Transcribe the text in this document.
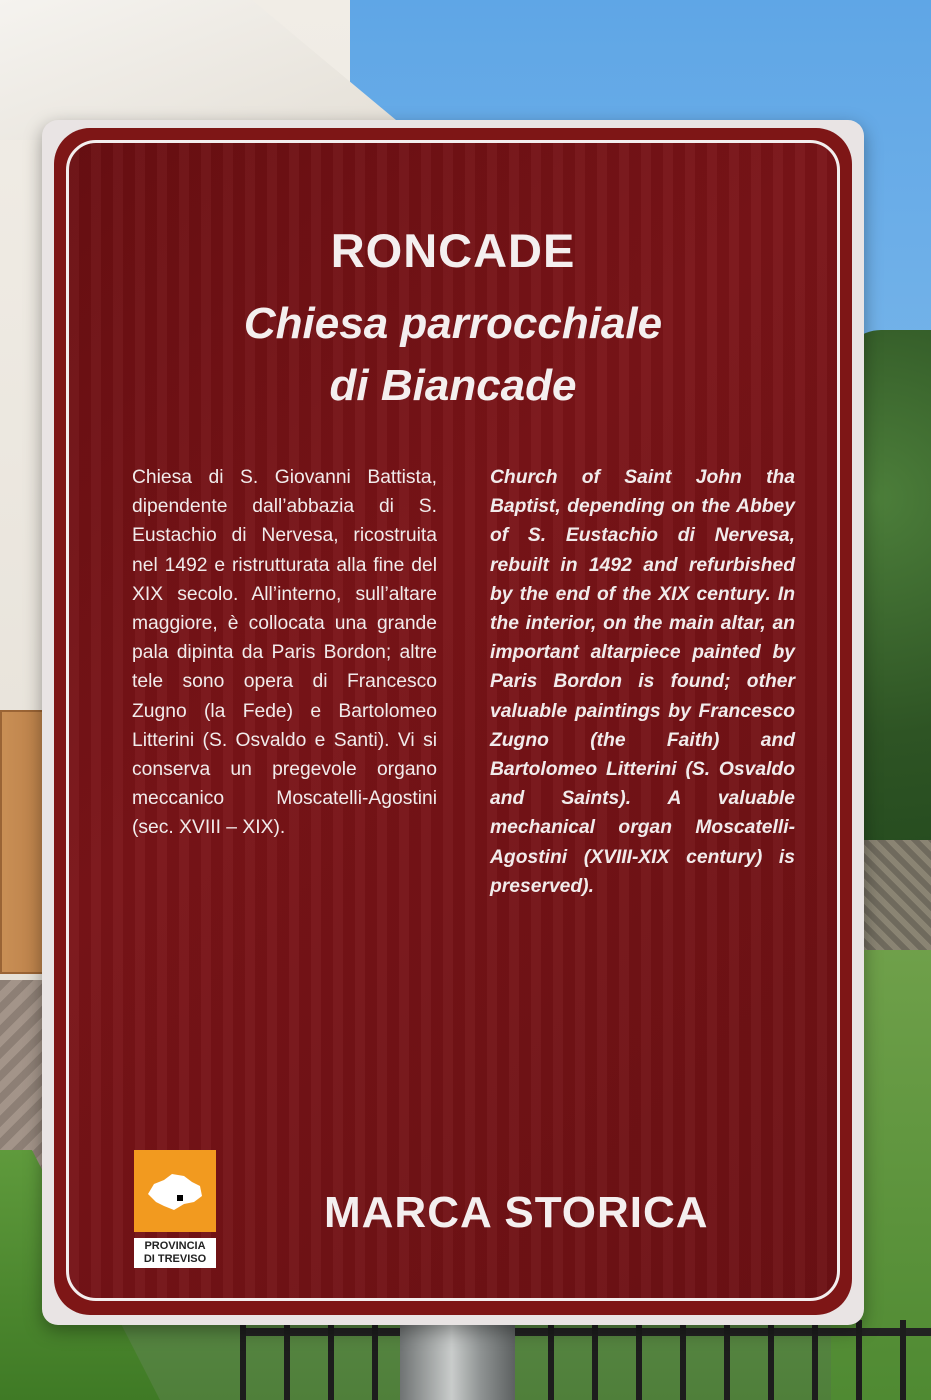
RONCADE
Chiesa parrocchiale
di Biancade
Chiesa di S. Giovanni Battista, dipendente dall’abbazia di S. Eustachio di Nervesa, ricostruita nel 1492 e ristrutturata alla fine del XIX secolo. All’interno, sull’altare maggiore, è collocata una grande pala dipinta da Paris Bordon; altre tele sono opera di Francesco Zugno (la Fede) e Bartolomeo Litterini (S. Osvaldo e Santi). Vi si conserva un pregevole organo meccanico Moscatelli-Agostini (sec. XVIII – XIX).
Church of Saint John tha Baptist, depending on the Abbey of S. Eustachio di Nervesa, rebuilt in 1492 and refurbished by the end of the XIX century. In the interior, on the main altar, an important altarpiece painted by Paris Bordon is found; other valuable paintings by Francesco Zugno (the Faith) and Bartolomeo Litterini (S. Osvaldo and Saints). A valuable mechanical organ Moscatelli-Agostini (XVIII-XIX century) is preserved).
PROVINCIA
DI TREVISO
MARCA STORICA
